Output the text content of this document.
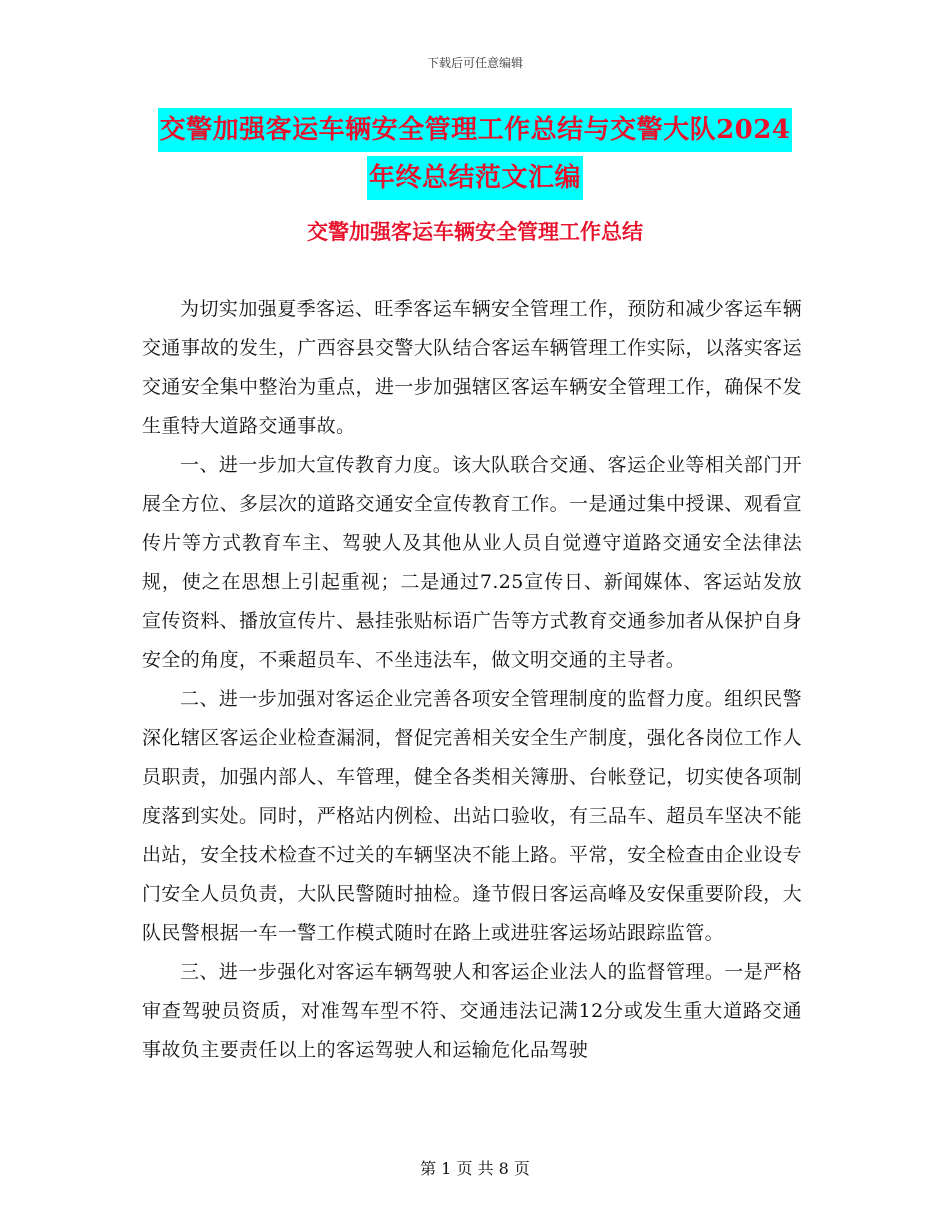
下载后可任意编辑
交警加强客运车辆安全管理工作总结与交警大队2024
年终总结范文汇编
交警加强客运车辆安全管理工作总结

为切实加强夏季客运、旺季客运车辆安全管理工作，预防和减少客运车辆交通事故的发生，广西容县交警大队结合客运车辆管理工作实际，以落实客运交通安全集中整治为重点，进一步加强辖区客运车辆安全管理工作，确保不发生重特大道路交通事故。

一、进一步加大宣传教育力度。该大队联合交通、客运企业等相关部门开展全方位、多层次的道路交通安全宣传教育工作。一是通过集中授课、观看宣传片等方式教育车主、驾驶人及其他从业人员自觉遵守道路交通安全法律法规，使之在思想上引起重视；二是通过7.25宣传日、新闻媒体、客运站发放宣传资料、播放宣传片、悬挂张贴标语广告等方式教育交通参加者从保护自身安全的角度，不乘超员车、不坐违法车，做文明交通的主导者。

二、进一步加强对客运企业完善各项安全管理制度的监督力度。组织民警深化辖区客运企业检查漏洞，督促完善相关安全生产制度，强化各岗位工作人员职责，加强内部人、车管理，健全各类相关簿册、台帐登记，切实使各项制度落到实处。同时，严格站内例检、出站口验收，有三品车、超员车坚决不能出站，安全技术检查不过关的车辆坚决不能上路。平常，安全检查由企业设专门安全人员负责，大队民警随时抽检。逢节假日客运高峰及安保重要阶段，大队民警根据一车一警工作模式随时在路上或进驻客运场站跟踪监管。

三、进一步强化对客运车辆驾驶人和客运企业法人的监督管理。一是严格审查驾驶员资质，对准驾车型不符、交通违法记满12分或发生重大道路交通事故负主要责任以上的客运驾驶人和运输危化品驾驶

第 1 页 共 8 页
